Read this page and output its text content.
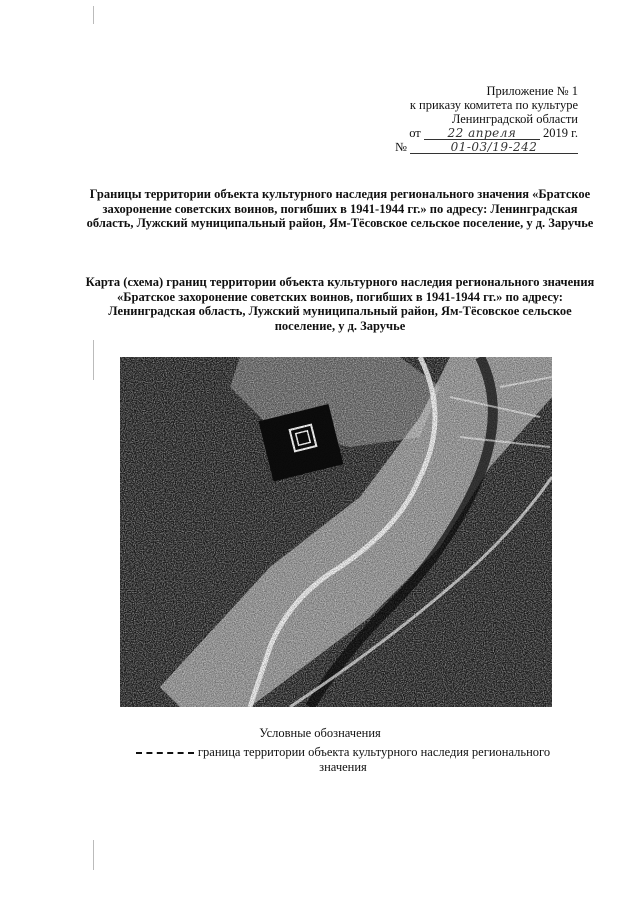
Приложение № 1
к приказу комитета по культуре
Ленинградской области
от 22 апреля 2019 г.
№	01-03/19-242
Границы территории объекта культурного наследия регионального значения «Братское захоронение советских воинов, погибших в 1941-1944 гг.» по адресу: Ленинградская область, Лужский муниципальный район, Ям-Тёсовское сельское поселение, у д. Заручье
Карта (схема) границ территории объекта культурного наследия регионального значения «Братское захоронение советских воинов, погибших в 1941-1944 гг.» по адресу: Ленинградская область, Лужский муниципальный район, Ям-Тёсовское сельское поселение, у д. Заручье
Условные обозначения
граница территории объекта культурного наследия регионального значения
